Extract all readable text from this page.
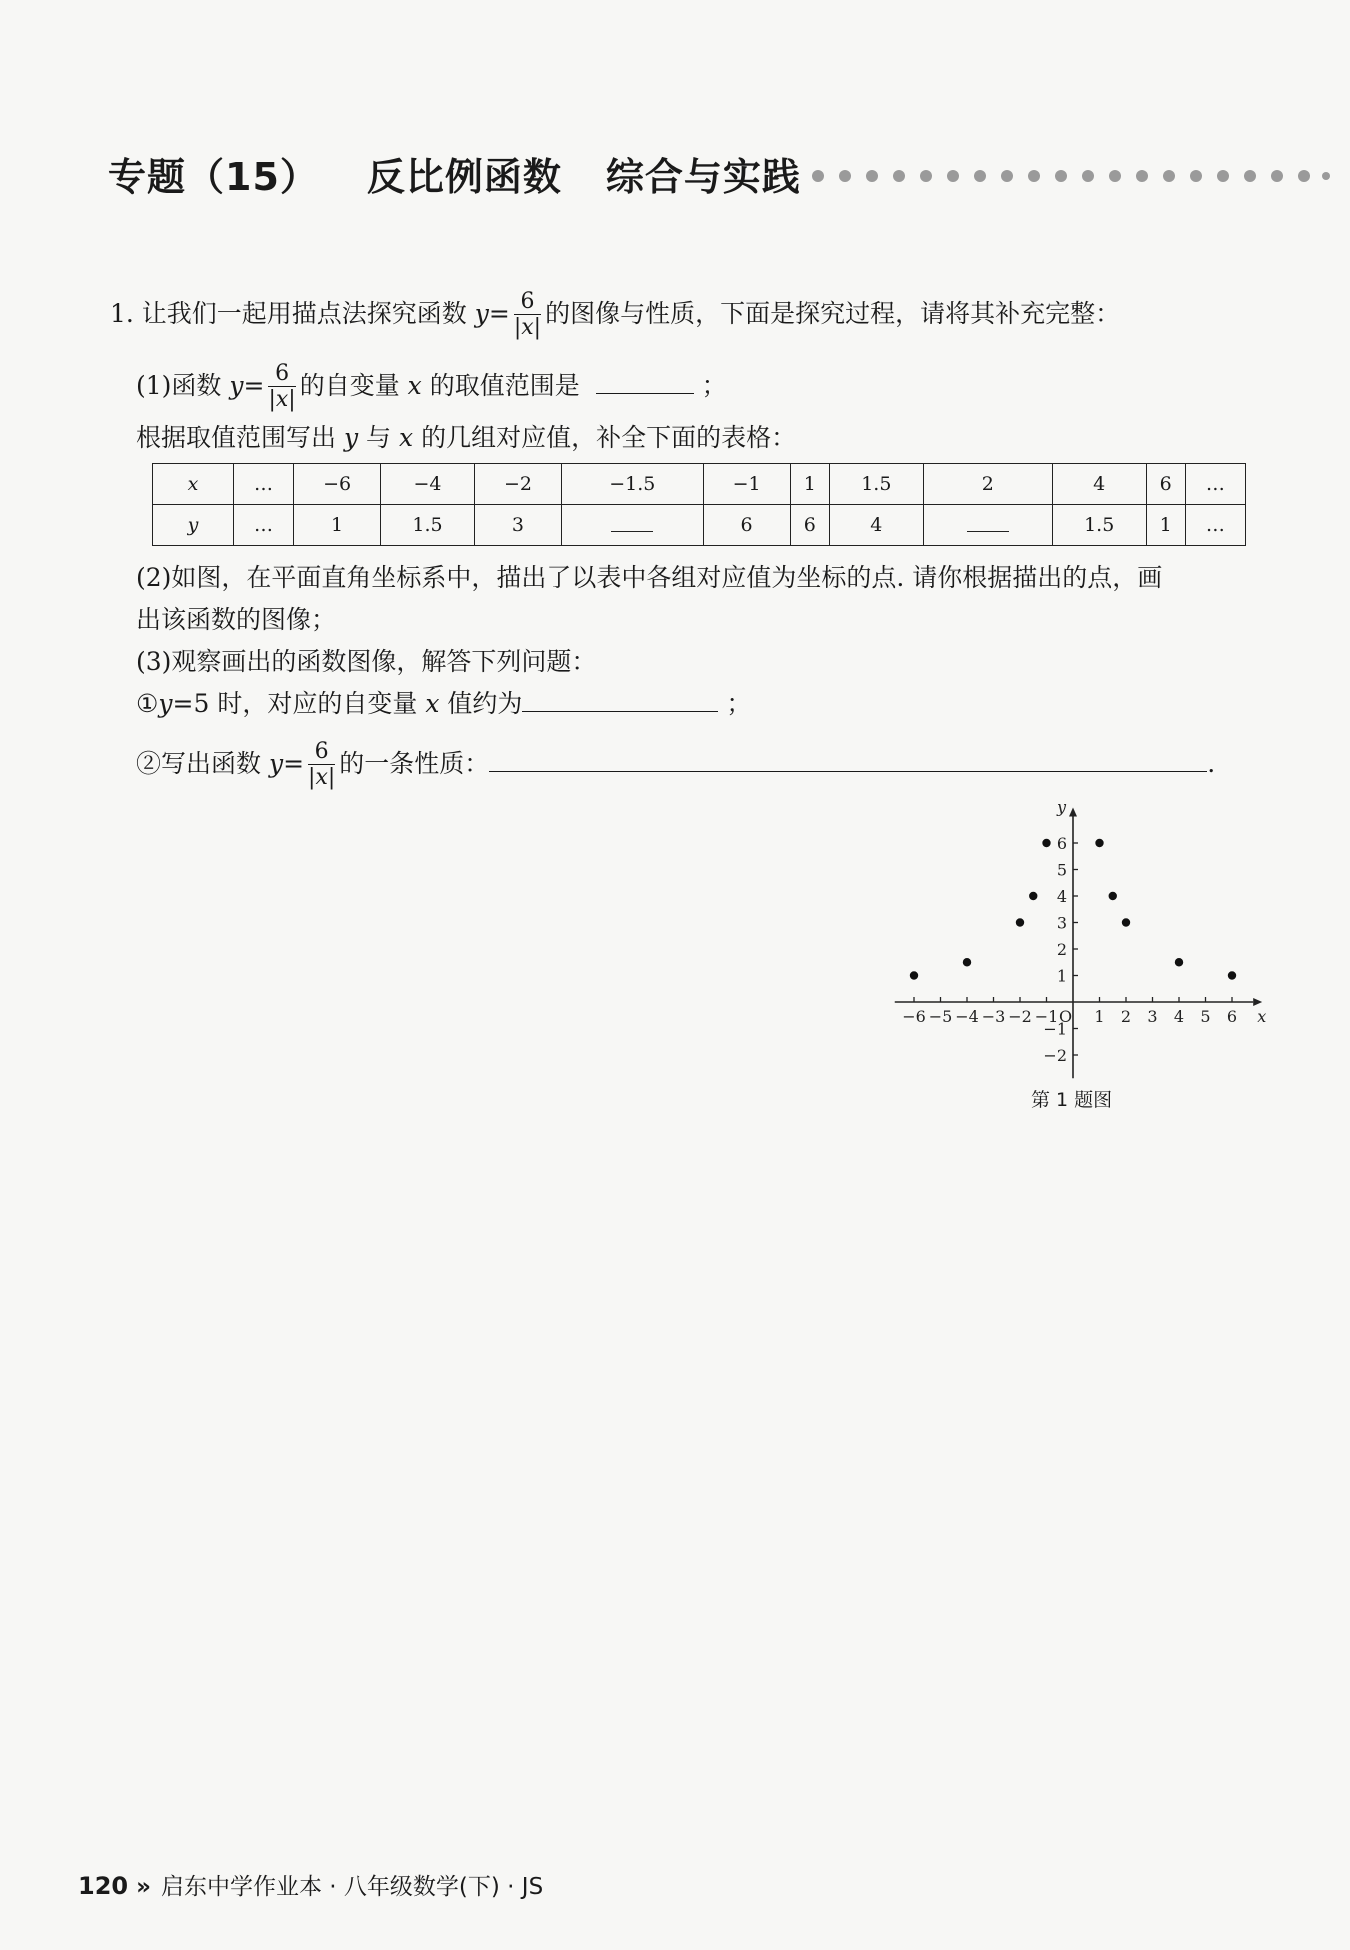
专题（15） 反比例函数 综合与实践
1. 让我们一起用描点法探究函数 $y= \frac{6}{|x|}$ 的图像与性质，下面是探究过程，请将其补充完整：
(1)函数 $y= \frac{6}{|x|}$ 的自变量 x 的取值范围是	；
根据取值范围写出 y 与 x 的几组对应值，补全下面的表格：
x	…	−6	−4	−2	−1.5	−1	1	1.5	2	4	6	…
y	…	1	1.5	3		6	6	4		1.5	1	…
(2)如图，在平面直角坐标系中，描出了以表中各组对应值为坐标的点. 请你根据描出的点，画
出该函数的图像；
(3)观察画出的函数图像，解答下列问题：
①y=5 时，对应的自变量 x 值约为	；
②写出函数 $y= \frac{6}{|x|}$ 的一条性质：	.
x
y
O
−6 −5 −4 −3 −2 −1 1 2 3 4 5 6
−2
−1
1
2
3
4
5
6
第 1 题图
120 » 启东中学作业本 · 八年级数学(下) · JS
